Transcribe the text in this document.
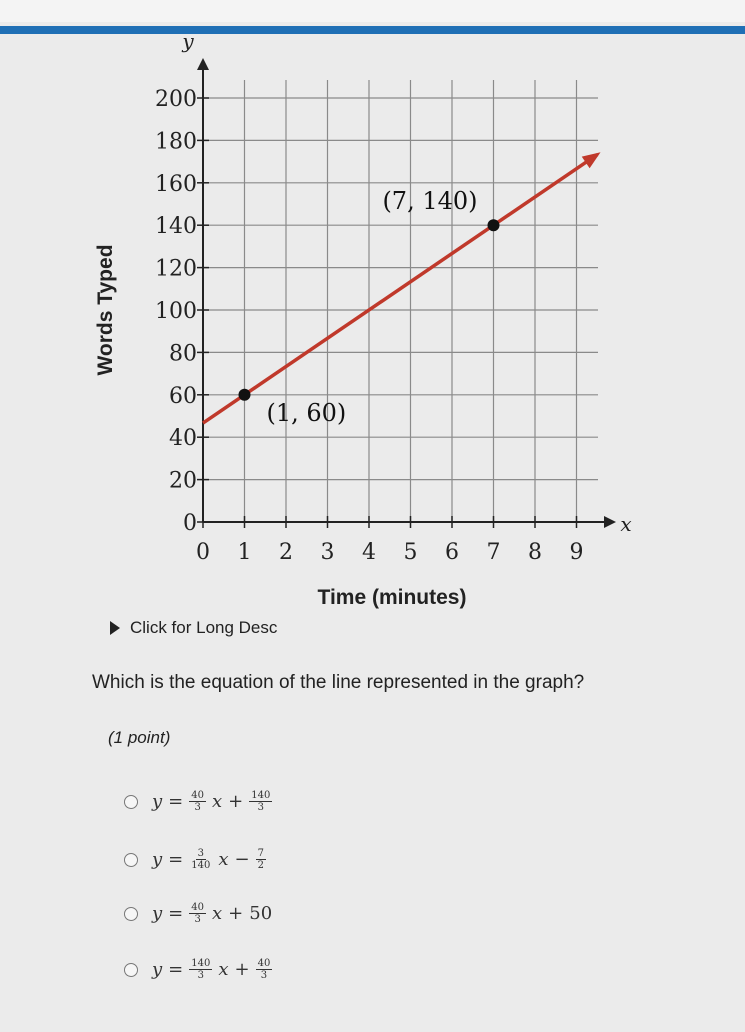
0 1 2 3 4 5 6 7 8 9
0
20
40
60
80
100
120
140
160
180
200
(1, 60)
(7, 140)
Time (minutes)
Words Typed
y
x
Click for Long Desc
Which is the equation of the line represented in the graph?
(1 point)
$y = \frac{40}{3}$ $x + \frac{140}{3}$
$y = \frac{3}{140}$ $x - \frac{7}{2}$
$y = \frac{40}{3}$ x + 50
$y = \frac{140}{3}$ $x + \frac{40}{3}$
